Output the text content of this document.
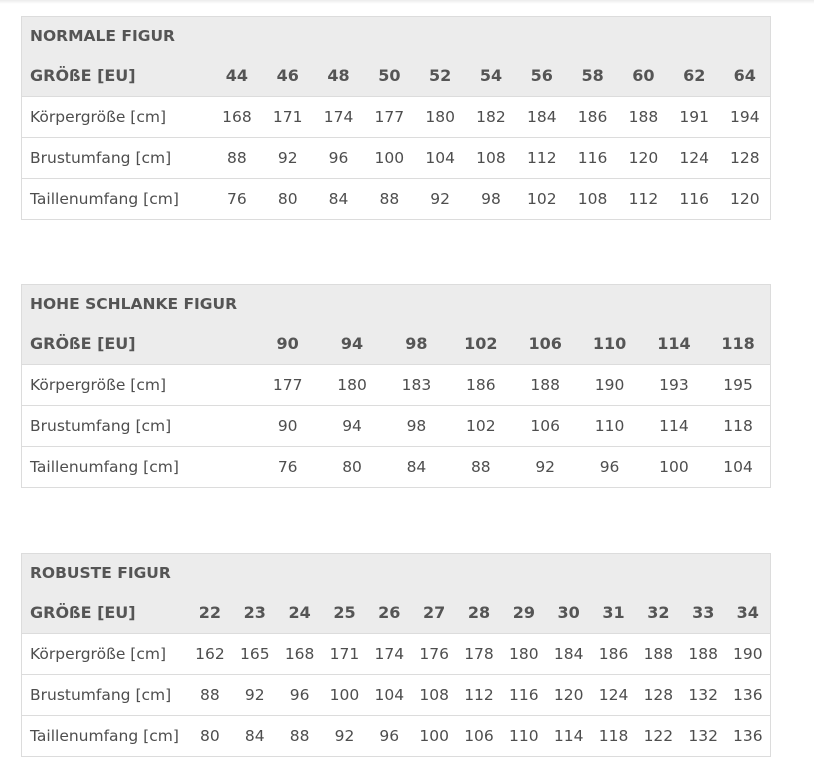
NORMALE FIGUR											
GRÖßE [EU]	44	46	48	50	52	54	56	58	60	62	64
Körpergröße [cm]	168	171	174	177	180	182	184	186	188	191	194
Brustumfang [cm]	88	92	96	100	104	108	112	116	120	124	128
Taillenumfang [cm]	76	80	84	88	92	98	102	108	112	116	120
HOHE SCHLANKE FIGUR								
GRÖßE [EU]	90	94	98	102	106	110	114	118
Körpergröße [cm]	177	180	183	186	188	190	193	195
Brustumfang [cm]	90	94	98	102	106	110	114	118
Taillenumfang [cm]	76	80	84	88	92	96	100	104
ROBUSTE FIGUR													
GRÖßE [EU]	22	23	24	25	26	27	28	29	30	31	32	33	34
Körpergröße [cm]	162	165	168	171	174	176	178	180	184	186	188	188	190
Brustumfang [cm]	88	92	96	100	104	108	112	116	120	124	128	132	136
Taillenumfang [cm]	80	84	88	92	96	100	106	110	114	118	122	132	136
